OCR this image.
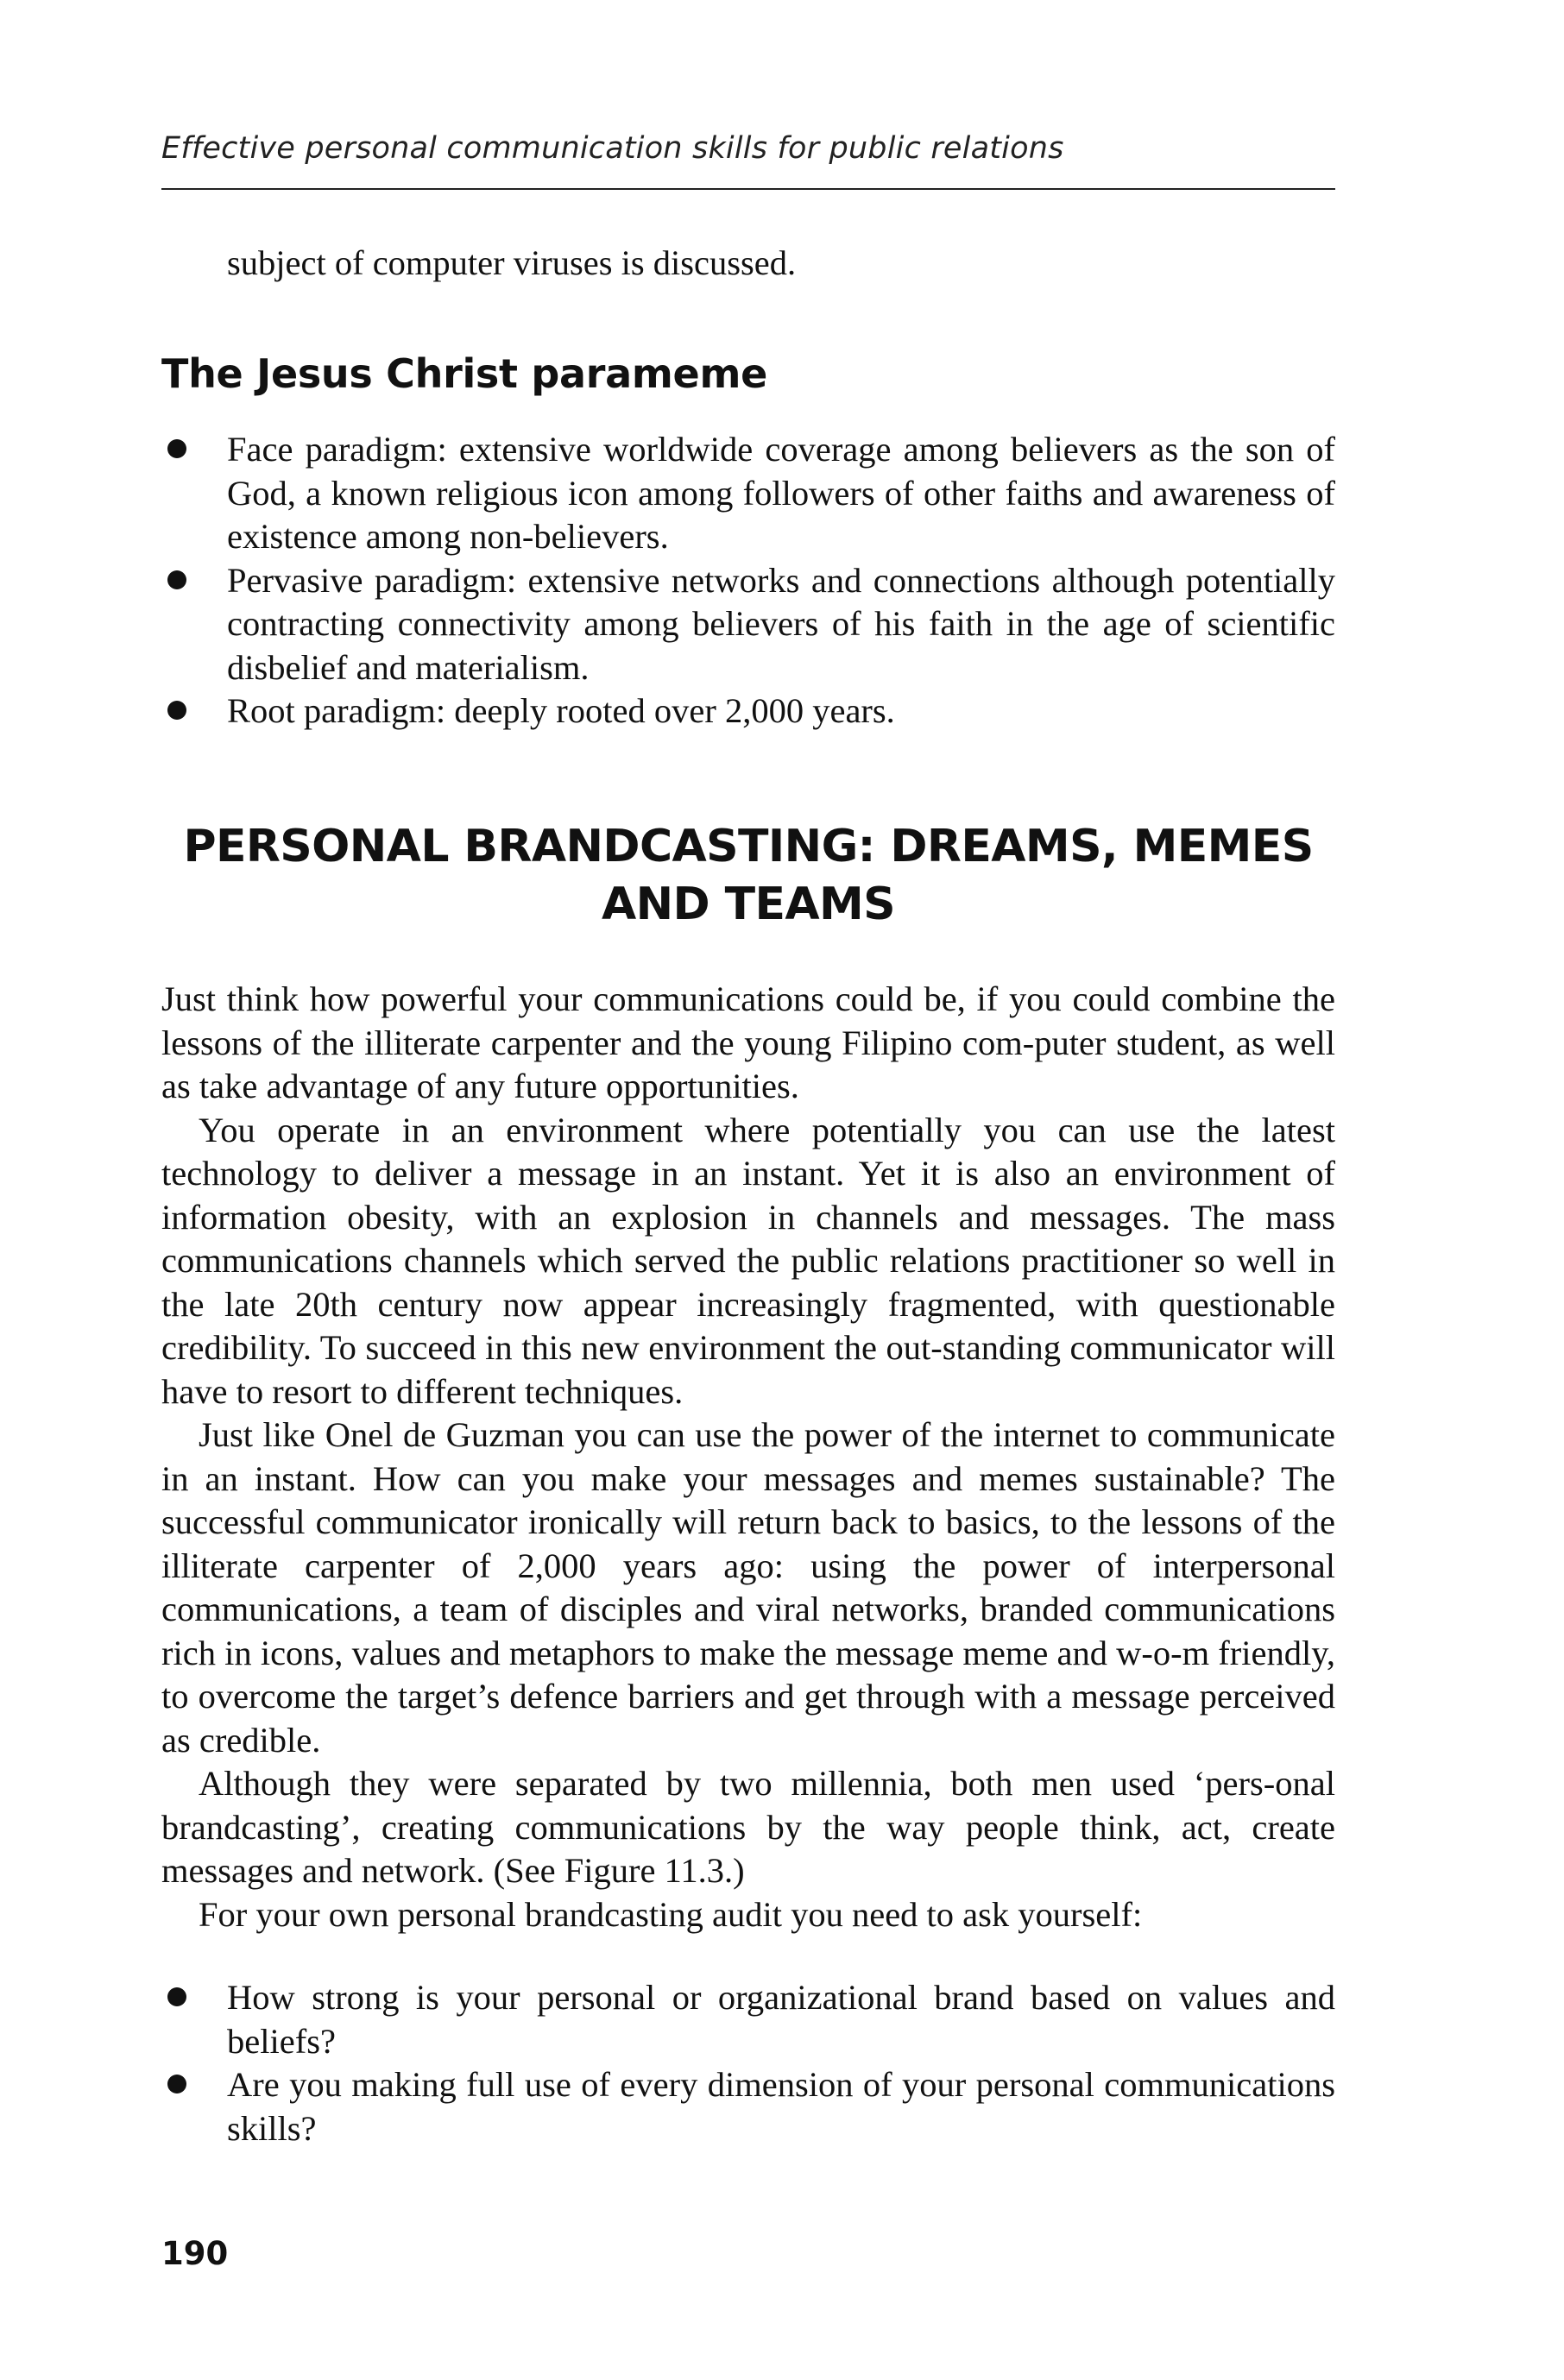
Effective personal communication skills for public relations
subject of computer viruses is discussed.
The Jesus Christ parameme
Face paradigm: extensive worldwide coverage among believers as the son of God, a known religious icon among followers of other faiths and awareness of existence among non-believers.
Pervasive paradigm: extensive networks and connections although potentially contracting connectivity among believers of his faith in the age of scientific disbelief and materialism.
Root paradigm: deeply rooted over 2,000 years.
PERSONAL BRANDCASTING: DREAMS, MEMES
AND TEAMS

Just think how powerful your communications could be, if you could combine the lessons of the illiterate carpenter and the young Filipino com-puter student, as well as take advantage of any future opportunities.

You operate in an environment where potentially you can use the latest technology to deliver a message in an instant. Yet it is also an environment of information obesity, with an explosion in channels and messages. The mass communications channels which served the public relations practitioner so well in the late 20th century now appear increasingly fragmented, with questionable credibility. To succeed in this new environment the out-standing communicator will have to resort to different techniques.

Just like Onel de Guzman you can use the power of the internet to communicate in an instant. How can you make your messages and memes sustainable? The successful communicator ironically will return back to basics, to the lessons of the illiterate carpenter of 2,000 years ago: using the power of interpersonal communications, a team of disciples and viral networks, branded communications rich in icons, values and metaphors to make the message meme and w-o-m friendly, to overcome the target’s defence barriers and get through with a message perceived as credible.

Although they were separated by two millennia, both men used ‘pers-onal brandcasting’, creating communications by the way people think, act, create messages and network. (See Figure 11.3.)

For your own personal brandcasting audit you need to ask yourself:

How strong is your personal or organizational brand based on values and beliefs?
Are you making full use of every dimension of your personal communications skills?
190
